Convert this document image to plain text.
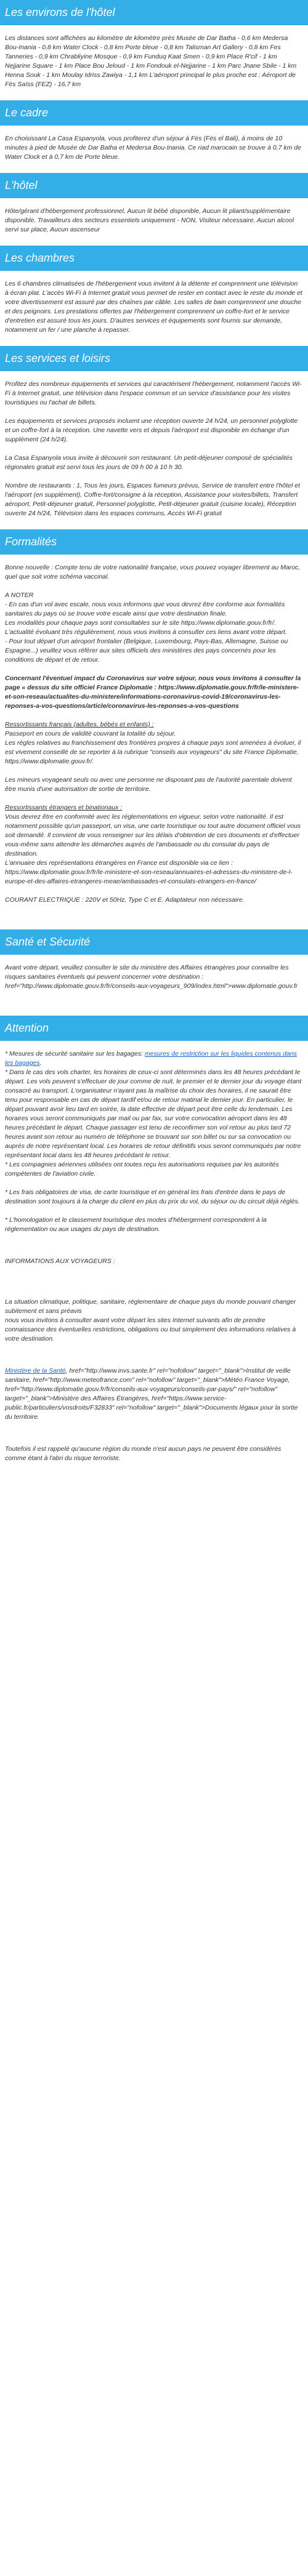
Les environs de l'hôtel

Les distances sont affichées au kilomètre de kilomètre près Musée de Dar Batha - 0,6 km Medersa Bou-Inania - 0,8 km Water Clock - 0,8 km Porte bleue - 0,8 km Talisman Art Gallery - 0,8 km Fes Tanneries - 0,9 km Chrabliyine Mosque - 0,9 km Funduq Kaat Smen - 0,9 km Place R'cif - 1 km Nejjarine Square - 1 km Place Bou Jeloud - 1 km Fondouk el-Nejjarine - 1 km Parc Jnane Sbile - 1 km Henna Souk - 1 km Moulay Idriss Zawiya - 1,1 km L'aéroport principal le plus proche est : Aéroport de Fès Saïss (FEZ) - 16,7 km

Le cadre

En choisissant La Casa Espanyola, vous profiterez d'un séjour à Fès (Fès el Bali), à moins de 10 minutes à pied de Musée de Dar Batha et Medersa Bou-Inania. Ce riad marocain se trouve à 0,7 km de Water Clock et à 0,7 km de Porte bleue.

L'hôtel

Hôte/gérant d'hébergement professionnel, Aucun lit bébé disponible, Aucun lit pliant/supplémentaire disponible, Travailleurs des secteurs essentiels uniquement - NON, Visiteur nécessaire, Aucun alcool servi sur place, Aucun ascenseur

Les chambres

Les 6 chambres climatisées de l'hébergement vous invitent à la détente et comprennent une télévision à écran plat. L'accès Wi-Fi à Internet gratuit vous permet de rester en contact avec le reste du monde et votre divertissement est assuré par des chaînes par câble. Les salles de bain comprennent une douche et des peignoirs. Les prestations offertes par l'hébergement comprennent un coffre-fort et le service d'entretien est assuré tous les jours. D'autres services et équipements sont fournis sur demande, notamment un fer / une planche à repasser.

Les services et loisirs

Profitez des nombreux équipements et services qui caractérisent l'hébergement, notamment l'accès Wi-Fi à Internet gratuit, une télévision dans l'espace commun et un service d'assistance pour les visites touristiques ou l'achat de billets.

Les équipements et services proposés incluent une réception ouverte 24 h/24, un personnel polyglotte et un coffre-fort à la réception. Une navette vers et depuis l'aéroport est disponible en échange d'un supplément (24 h/24).

La Casa Espanyola vous invite à découvrir son restaurant. Un petit-déjeuner composé de spécialités régionales gratuit est servi tous les jours de 09 h 00 à 10 h 30.

Nombre de restaurants : 1, Tous les jours, Espaces fumeurs prévus, Service de transfert entre l'hôtel et l'aéroport (en supplément), Coffre-fort/consigne à la réception, Assistance pour visites/billets, Transfert aéroport, Petit-déjeuner gratuit, Personnel polyglotte, Petit-déjeuner gratuit (cuisine locale), Réception ouverte 24 h/24, Télévision dans les espaces communs, Accès Wi-Fi gratuit

Formalités

Bonne nouvelle : Compte tenu de votre nationalité française, vous pouvez voyager librement au Maroc, quel que soit votre schéma vaccinal.

A NOTER

- En cas d'un vol avec escale, nous vous informons que vous devrez être conforme aux formalités sanitaires du pays où se trouve votre escale ainsi que votre destination finale.
Les modalités pour chaque pays sont consultables sur le site https://www.diplomatie.gouv.fr/fr/. L'actualité évoluant très régulièrement, nous vous invitons à consulter ces liens avant votre départ.
- Pour tout départ d'un aéroport frontalier (Belgique, Luxembourg, Pays-Bas, Allemagne, Suisse ou Espagne...) veuillez vous référer aux sites officiels des ministères des pays concernés pour les conditions de départ et de retour.

Concernant l'éventuel impact du Coronavirus sur votre séjour, nous vous invitons à consulter la page « dessus du site officiel France Diplomatie : https://www.diplomatie.gouv.fr/fr/le-ministere-et-son-reseau/actualites-du-ministere/informations-coronavirus-covid-19/coronavirus-les-reponses-a-vos-questions/article/coronavirus-les-reponses-a-vos-questions

Ressortissants français (adultes, bébés et enfants) :

Passeport en cours de validité couvrant la totalité du séjour.
Les règles relatives au franchissement des frontières propres à chaque pays sont amenées à évoluer, il est vivement conseillé de se reporter à la rubrique "conseils aux voyageurs" du site France Diplomatie, https://www.diplomatie.gouv.fr/.

Les mineurs voyageant seuls ou avec une personne ne disposant pas de l'autorité parentale doivent être munis d'une autorisation de sortie de territoire.

Ressortissants étrangers et binationaux :

Vous devrez être en conformité avec les réglementations en vigueur, selon votre nationalité. Il est notamment possible qu'un passeport, un visa, une carte touristique ou tout autre document officiel vous soit demandé. Il convient de vous renseigner sur les délais d'obtention de ces documents et d'effectuer vous-même sans attendre les démarches auprès de l'ambassade ou du consulat du pays de destination.
L'annuaire des représentations étrangères en France est disponible via ce lien : https://www.diplomatie.gouv.fr/fr/le-ministere-et-son-reseau/annuaires-et-adresses-du-ministere-de-l-europe-et-des-affaires-etrangeres-meae/ambassades-et-consulats-etrangers-en-france/

COURANT ELECTRIQUE : 220V et 50Hz, Type C et E. Adaptateur non nécessaire.

Santé et Sécurité

Avant votre départ, veuillez consulter le site du ministère des Affaires étrangères pour connaître les risques sanitaires éventuels qui peuvent concerner votre destination : href="http://www.diplomatie.gouv.fr/fr/conseils-aux-voyageurs_909/index.html">www.diplomatie.gouv.fr

Attention

* Mesures de sécurité sanitaire sur les bagages: mesures de restriction sur les liquides contenus dans les bagages.
* Dans le cas des vols charter, les horaires de ceux-ci sont déterminés dans les 48 heures précédant le départ. Les vols peuvent s'effectuer de jour comme de nuit, le premier et le dernier jour du voyage étant consacré au transport. L'organisateur n'ayant pas la maîtrise du choix des horaires, il ne saurait être tenu pour responsable en cas de départ tardif et/ou de retour matinal le dernier jour. En particulier, le départ pouvant avoir lieu tard en soirée, la date effective de départ peut être celle du lendemain. Les horaires vous seront communiqués par mail ou par fax, sur votre convocation aéroport dans les 48 heures précédant le départ. Chaque passager est tenu de reconfirmer son vol retour au plus tard 72 heures avant son retour au numéro de téléphone se trouvant sur son billet ou sur sa convocation ou auprès de notre représentant local. Les horaires de retour définitifs vous seront communiqués par notre représentant local dans les 48 heures précédant le retour.
* Les compagnies aériennes utilisées ont toutes reçu les autorisations requises par les autorités compétentes de l'aviation civile.

* Les frais obligatoires de visa, de carte touristique et en général les frais d'entrée dans le pays de destination sont toujours à la charge du client en plus du prix du vol, du séjour ou du circuit déjà réglés.

* L'homologation et le classement touristique des modes d'hébergement correspondent à la réglementation ou aux usages du pays de destination.

INFORMATIONS AUX VOYAGEURS :

La situation climatique, politique, sanitaire, réglementaire de chaque pays du monde pouvant changer subitement et sans préavis
nous vous invitons à consulter avant votre départ les sites Internet suivants afin de prendre connaissance des éventuelles restrictions, obligations ou tout simplement des informations relatives à votre destination.

Ministère de la Santé, href="http://www.invs.sante.fr" rel="nofollow" target="_blank">Institut de veille sanitaire, href="http://www.meteofrance.com" rel="nofollow" target="_blank">Météo France Voyage, href="http://www.diplomatie.gouv.fr/fr/conseils-aux-voyageurs/conseils-par-pays/" rel="nofollow" target="_blank">Ministère des Affaires Étrangères, href="https://www.service-public.fr/particuliers/vosdroits/F32833" rel="nofollow" target="_blank">Documents légaux pour la sortie du territoire.

Toutefois il est rappelé qu'aucune région du monde n'est aucun pays ne peuvent être considérés comme étant à l'abri du risque terroriste.
